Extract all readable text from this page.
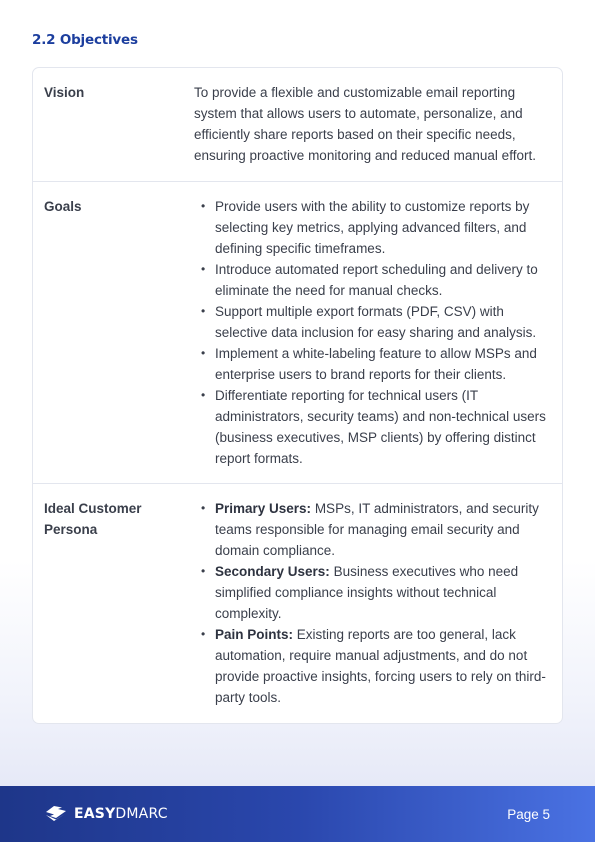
2.2 Objectives
Vision	To provide a flexible and customizable email reporting system that allows users to automate, personalize, and efficiently share reports based on their specific needs, ensuring proactive monitoring and reduced manual effort.
Goals
•	Provide users with the ability to customize reports by selecting key metrics, applying advanced filters, and defining specific timeframes.
• Introduce automated report scheduling and delivery to eliminate the need for manual checks.
• Support multiple export formats (PDF, CSV) with selective data inclusion for easy sharing and analysis.
• Implement a white-labeling feature to allow MSPs and enterprise users to brand reports for their clients.
• Differentiate reporting for technical users (IT administrators, security teams) and non-technical users (business executives, MSP clients) by offering distinct report formats.
Ideal Customer Persona
• Primary Users: MSPs, IT administrators, and security teams responsible for managing email security and domain compliance.
• Secondary Users: Business executives who need simplified compliance insights without technical complexity.
• Pain Points: Existing reports are too general, lack automation, require manual adjustments, and do not provide proactive insights, forcing users to rely on third-party tools.
EASYDMARC	Page 5
